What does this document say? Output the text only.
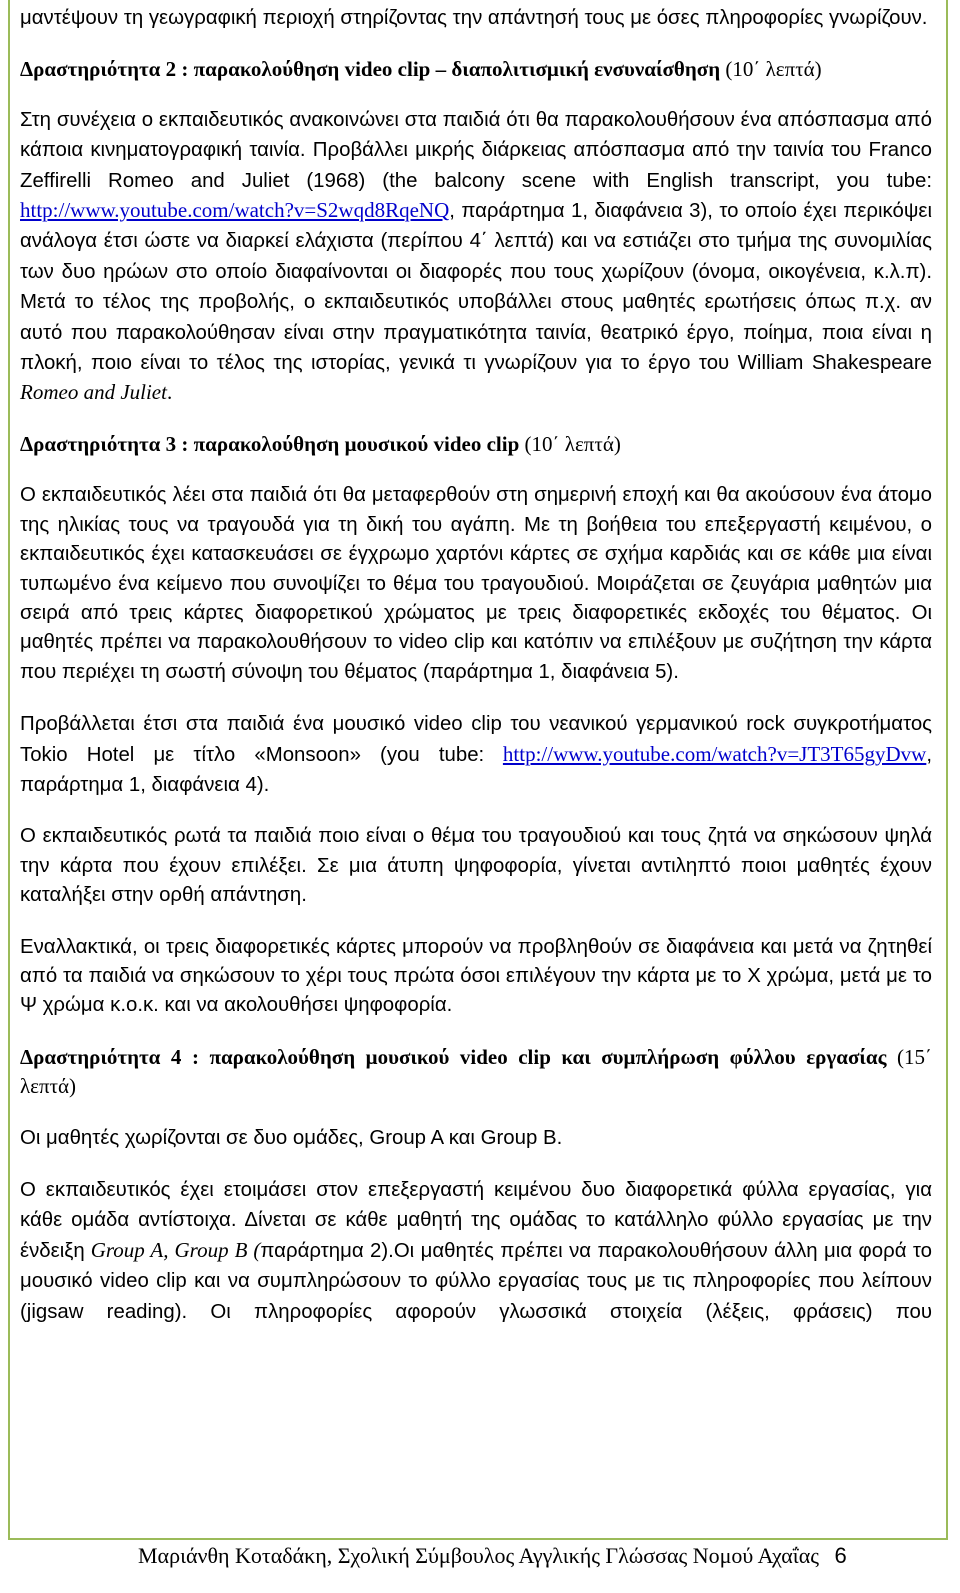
μαντέψουν τη γεωγραφική περιοχή στηρίζοντας την απάντησή τους με όσες πληροφορίες γνωρίζουν.

Δραστηριότητα 2 : παρακολούθηση video clip – διαπολιτισμική ενσυναίσθηση (10΄ λεπτά)

Στη συνέχεια ο εκπαιδευτικός ανακοινώνει στα παιδιά ότι θα παρακολουθήσουν ένα απόσπασμα από κάποια κινηματογραφική ταινία. Προβάλλει μικρής διάρκειας απόσπασμα από την ταινία του Franco Zeffirelli Romeo and Juliet (1968) (the balcony scene with English transcript, you tube: http://www.youtube.com/watch?v=S2wqd8RqeNQ, παράρτημα 1, διαφάνεια 3), το οποίο έχει περικόψει ανάλογα έτσι ώστε να διαρκεί ελάχιστα (περίπου 4΄ λεπτά) και να εστιάζει στο τμήμα της συνομιλίας των δυο ηρώων στο οποίο διαφαίνονται οι διαφορές που τους χωρίζουν (όνομα, οικογένεια, κ.λ.π). Μετά το τέλος της προβολής, ο εκπαιδευτικός υποβάλλει στους μαθητές ερωτήσεις όπως π.χ. αν αυτό που παρακολούθησαν είναι στην πραγματικότητα ταινία, θεατρικό έργο, ποίημα, ποια είναι η πλοκή, ποιο είναι το τέλος της ιστορίας, γενικά τι γνωρίζουν για το έργο του William Shakespeare Romeo and Juliet.

Δραστηριότητα 3 : παρακολούθηση μουσικού video clip (10΄ λεπτά)

Ο εκπαιδευτικός λέει στα παιδιά ότι θα μεταφερθούν στη σημερινή εποχή και θα ακούσουν ένα άτομο της ηλικίας τους να τραγουδά για τη δική του αγάπη. Με τη βοήθεια του επεξεργαστή κειμένου, ο εκπαιδευτικός έχει κατασκευάσει σε έγχρωμο χαρτόνι κάρτες σε σχήμα καρδιάς και σε κάθε μια είναι τυπωμένο ένα κείμενο που συνοψίζει το θέμα του τραγουδιού. Μοιράζεται σε ζευγάρια μαθητών μια σειρά από τρεις κάρτες διαφορετικού χρώματος με τρεις διαφορετικές εκδοχές του θέματος. Οι μαθητές πρέπει να παρακολουθήσουν το video clip και κατόπιν να επιλέξουν με συζήτηση την κάρτα που περιέχει τη σωστή σύνοψη του θέματος (παράρτημα 1, διαφάνεια 5).

Προβάλλεται έτσι στα παιδιά ένα μουσικό video clip του νεανικού γερμανικού rock συγκροτήματος Tokio Hotel με τίτλο «Monsoon» (you tube: http://www.youtube.com/watch?v=JT3T65gyDvw, παράρτημα 1, διαφάνεια 4).

Ο εκπαιδευτικός ρωτά τα παιδιά ποιο είναι ο θέμα του τραγουδιού και τους ζητά να σηκώσουν ψηλά την κάρτα που έχουν επιλέξει. Σε μια άτυπη ψηφοφορία, γίνεται αντιληπτό ποιοι μαθητές έχουν καταλήξει στην ορθή απάντηση.

Εναλλακτικά, οι τρεις διαφορετικές κάρτες μπορούν να προβληθούν σε διαφάνεια και μετά να ζητηθεί από τα παιδιά να σηκώσουν το χέρι τους πρώτα όσοι επιλέγουν την κάρτα με το Χ χρώμα, μετά με το Ψ χρώμα κ.ο.κ. και να ακολουθήσει ψηφοφορία.

Δραστηριότητα 4 : παρακολούθηση μουσικού video clip και συμπλήρωση φύλλου εργασίας (15΄ λεπτά)

Οι μαθητές χωρίζονται σε δυο ομάδες, Group A και Group B.

Ο εκπαιδευτικός έχει ετοιμάσει στον επεξεργαστή κειμένου δυο διαφορετικά φύλλα εργασίας, για κάθε ομάδα αντίστοιχα. Δίνεται σε κάθε μαθητή της ομάδας το κατάλληλο φύλλο εργασίας με την ένδειξη Group A, Group B (παράρτημα 2).Οι μαθητές πρέπει να παρακολουθήσουν άλλη μια φορά το μουσικό video clip και να συμπληρώσουν το φύλλο εργασίας τους με τις πληροφορίες που λείπουν (jigsaw reading). Οι πληροφορίες αφορούν γλωσσικά στοιχεία (λέξεις, φράσεις) που

Μαριάνθη Κοταδάκη, Σχολική Σύμβουλος Αγγλικής Γλώσσας Νομού Αχαΐας 6
